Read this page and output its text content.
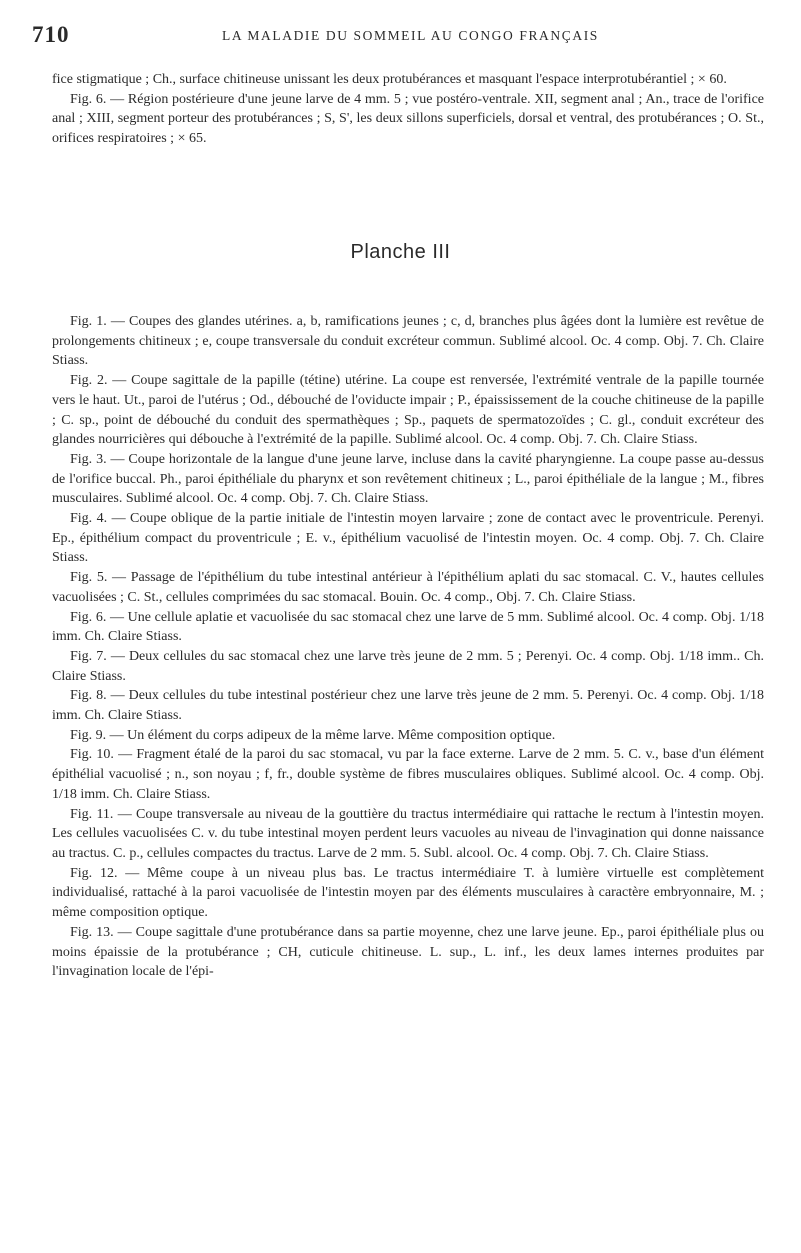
710	LA MALADIE DU SOMMEIL AU CONGO FRANÇAIS

fice stigmatique ; Ch., surface chitineuse unissant les deux protubérances et masquant l'espace interprotubérantiel ; × 60.

Fig. 6. — Région postérieure d'une jeune larve de 4 mm. 5 ; vue postéro-ventrale. XII, segment anal ; An., trace de l'orifice anal ; XIII, segment porteur des protubérances ; S, S', les deux sillons superficiels, dorsal et ventral, des protubérances ; O. St., orifices respiratoires ; × 65.

Planche III

Fig. 1. — Coupes des glandes utérines. a, b, ramifications jeunes ; c, d, branches plus âgées dont la lumière est revêtue de prolongements chitineux ; e, coupe transversale du conduit excréteur commun. Sublimé alcool. Oc. 4 comp. Obj. 7. Ch. Claire Stiass.

Fig. 2. — Coupe sagittale de la papille (tétine) utérine. La coupe est renversée, l'extrémité ventrale de la papille tournée vers le haut. Ut., paroi de l'utérus ; Od., débouché de l'oviducte impair ; P., épaississement de la couche chitineuse de la papille ; C. sp., point de débouché du conduit des spermathèques ; Sp., paquets de spermatozoïdes ; C. gl., conduit excréteur des glandes nourricières qui débouche à l'extrémité de la papille. Sublimé alcool. Oc. 4 comp. Obj. 7. Ch. Claire Stiass.

Fig. 3. — Coupe horizontale de la langue d'une jeune larve, incluse dans la cavité pharyngienne. La coupe passe au-dessus de l'orifice buccal. Ph., paroi épithéliale du pharynx et son revêtement chitineux ; L., paroi épithéliale de la langue ; M., fibres musculaires. Sublimé alcool. Oc. 4 comp. Obj. 7. Ch. Claire Stiass.

Fig. 4. — Coupe oblique de la partie initiale de l'intestin moyen larvaire ; zone de contact avec le proventricule. Perenyi. Ep., épithélium compact du proventricule ; E. v., épithélium vacuolisé de l'intestin moyen. Oc. 4 comp. Obj. 7. Ch. Claire Stiass.

Fig. 5. — Passage de l'épithélium du tube intestinal antérieur à l'épithélium aplati du sac stomacal. C. V., hautes cellules vacuolisées ; C. St., cellules comprimées du sac stomacal. Bouin. Oc. 4 comp., Obj. 7. Ch. Claire Stiass.

Fig. 6. — Une cellule aplatie et vacuolisée du sac stomacal chez une larve de 5 mm. Sublimé alcool. Oc. 4 comp. Obj. 1/18 imm. Ch. Claire Stiass.

Fig. 7. — Deux cellules du sac stomacal chez une larve très jeune de 2 mm. 5 ; Perenyi. Oc. 4 comp. Obj. 1/18 imm.. Ch. Claire Stiass.

Fig. 8. — Deux cellules du tube intestinal postérieur chez une larve très jeune de 2 mm. 5. Perenyi. Oc. 4 comp. Obj. 1/18 imm. Ch. Claire Stiass.

Fig. 9. — Un élément du corps adipeux de la même larve. Même composition optique.

Fig. 10. — Fragment étalé de la paroi du sac stomacal, vu par la face externe. Larve de 2 mm. 5. C. v., base d'un élément épithélial vacuolisé ; n., son noyau ; f, fr., double système de fibres musculaires obliques. Sublimé alcool. Oc. 4 comp. Obj. 1/18 imm. Ch. Claire Stiass.

Fig. 11. — Coupe transversale au niveau de la gouttière du tractus intermédiaire qui rattache le rectum à l'intestin moyen. Les cellules vacuolisées C. v. du tube intestinal moyen perdent leurs vacuoles au niveau de l'invagination qui donne naissance au tractus. C. p., cellules compactes du tractus. Larve de 2 mm. 5. Subl. alcool. Oc. 4 comp. Obj. 7. Ch. Claire Stiass.

Fig. 12. — Même coupe à un niveau plus bas. Le tractus intermédiaire T. à lumière virtuelle est complètement individualisé, rattaché à la paroi vacuolisée de l'intestin moyen par des éléments musculaires à caractère embryonnaire, M. ; même composition optique.

Fig. 13. — Coupe sagittale d'une protubérance dans sa partie moyenne, chez une larve jeune. Ep., paroi épithéliale plus ou moins épaissie de la protubérance ; CH, cuticule chitineuse. L. sup., L. inf., les deux lames internes produites par l'invagination locale de l'épi-
